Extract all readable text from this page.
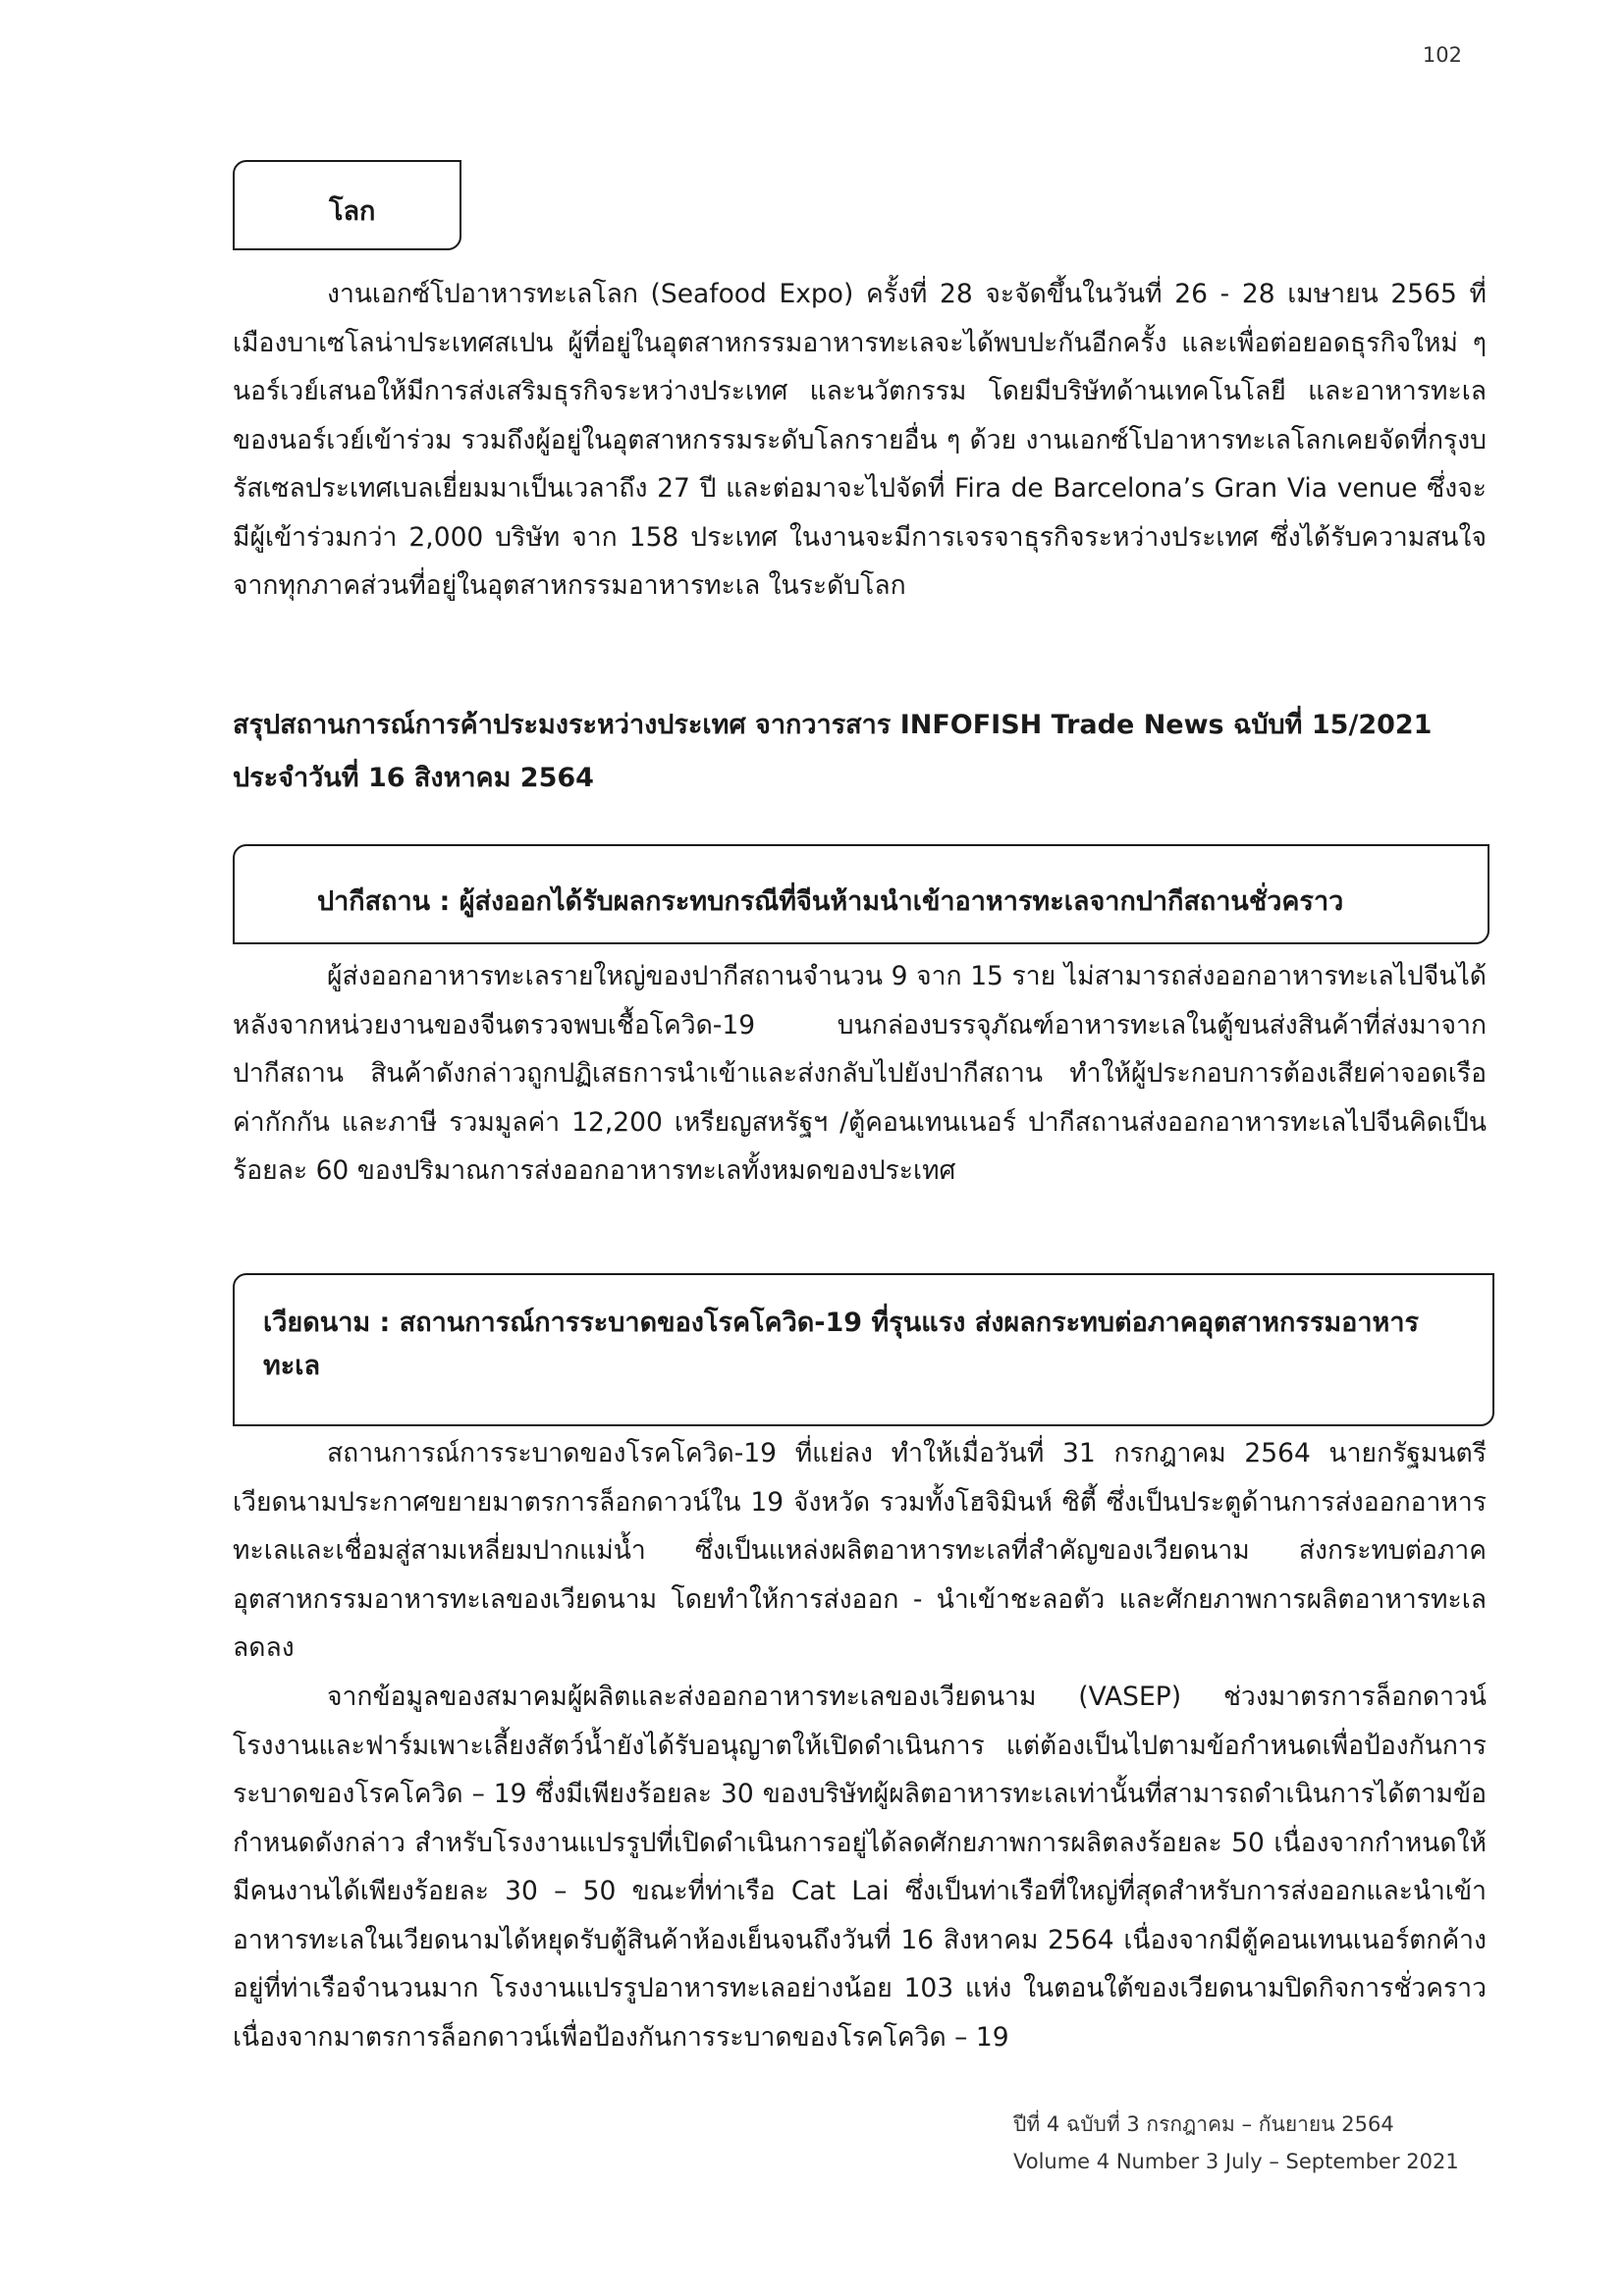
102
โลก

งานเอกซ์โปอาหารทะเลโลก (Seafood Expo) ครั้งที่ 28 จะจัดขึ้นในวันที่ 26 - 28 เมษายน 2565 ที่เมืองบาเซโลน่าประเทศสเปน ผู้ที่อยู่ในอุตสาหกรรมอาหารทะเลจะได้พบปะกันอีกครั้ง และเพื่อต่อยอดธุรกิจใหม่ ๆ นอร์เวย์เสนอให้มีการส่งเสริมธุรกิจระหว่างประเทศ และนวัตกรรม โดยมีบริษัทด้านเทคโนโลยี และอาหารทะเลของนอร์เวย์เข้าร่วม รวมถึงผู้อยู่ในอุตสาหกรรมระดับโลกรายอื่น ๆ ด้วย งานเอกซ์โปอาหารทะเลโลกเคยจัดที่กรุงบรัสเซลประเทศเบลเยี่ยมมาเป็นเวลาถึง 27 ปี และต่อมาจะไปจัดที่ Fira de Barcelona’s Gran Via venue ซึ่งจะมีผู้เข้าร่วมกว่า 2,000 บริษัท จาก 158 ประเทศ ในงานจะมีการเจรจาธุรกิจระหว่างประเทศ ซึ่งได้รับความสนใจจากทุกภาคส่วนที่อยู่ในอุตสาหกรรมอาหารทะเล ในระดับโลก

สรุปสถานการณ์การค้าประมงระหว่างประเทศ จากวารสาร INFOFISH Trade News ฉบับที่ 15/2021
ประจำวันที่ 16 สิงหาคม 2564
ปากีสถาน : ผู้ส่งออกได้รับผลกระทบกรณีที่จีนห้ามนำเข้าอาหารทะเลจากปากีสถานชั่วคราว

ผู้ส่งออกอาหารทะเลรายใหญ่ของปากีสถานจำนวน 9 จาก 15 ราย ไม่สามารถส่งออกอาหารทะเลไปจีนได้หลังจากหน่วยงานของจีนตรวจพบเชื้อโควิด-19 บนกล่องบรรจุภัณฑ์อาหารทะเลในตู้ขนส่งสินค้าที่ส่งมาจากปากีสถาน สินค้าดังกล่าวถูกปฏิเสธการนำเข้าและส่งกลับไปยังปากีสถาน ทำให้ผู้ประกอบการต้องเสียค่าจอดเรือ ค่ากักกัน และภาษี รวมมูลค่า 12,200 เหรียญสหรัฐฯ /ตู้คอนเทนเนอร์ ปากีสถานส่งออกอาหารทะเลไปจีนคิดเป็นร้อยละ 60 ของปริมาณการส่งออกอาหารทะเลทั้งหมดของประเทศ

เวียดนาม : สถานการณ์การระบาดของโรคโควิด-19 ที่รุนแรง ส่งผลกระทบต่อภาคอุตสาหกรรมอาหาร
ทะเล

สถานการณ์การระบาดของโรคโควิด-19 ที่แย่ลง ทำให้เมื่อวันที่ 31 กรกฎาคม 2564 นายกรัฐมนตรีเวียดนามประกาศขยายมาตรการล็อกดาวน์ใน 19 จังหวัด รวมทั้งโฮจิมินห์ ซิตี้ ซึ่งเป็นประตูด้านการส่งออกอาหารทะเลและเชื่อมสู่สามเหลี่ยมปากแม่น้ำ ซึ่งเป็นแหล่งผลิตอาหารทะเลที่สำคัญของเวียดนาม ส่งกระทบต่อภาคอุตสาหกรรมอาหารทะเลของเวียดนาม โดยทำให้การส่งออก - นำเข้าชะลอตัว และศักยภาพการผลิตอาหารทะเลลดลง

จากข้อมูลของสมาคมผู้ผลิตและส่งออกอาหารทะเลของเวียดนาม (VASEP) ช่วงมาตรการล็อกดาวน์โรงงานและฟาร์มเพาะเลี้ยงสัตว์น้ำยังได้รับอนุญาตให้เปิดดำเนินการ แต่ต้องเป็นไปตามข้อกำหนดเพื่อป้องกันการระบาดของโรคโควิด – 19 ซึ่งมีเพียงร้อยละ 30 ของบริษัทผู้ผลิตอาหารทะเลเท่านั้นที่สามารถดำเนินการได้ตามข้อกำหนดดังกล่าว สำหรับโรงงานแปรรูปที่เปิดดำเนินการอยู่ได้ลดศักยภาพการผลิตลงร้อยละ 50 เนื่องจากกำหนดให้มีคนงานได้เพียงร้อยละ 30 – 50 ขณะที่ท่าเรือ Cat Lai ซึ่งเป็นท่าเรือที่ใหญ่ที่สุดสำหรับการส่งออกและนำเข้าอาหารทะเลในเวียดนามได้หยุดรับตู้สินค้าห้องเย็นจนถึงวันที่ 16 สิงหาคม 2564 เนื่องจากมีตู้คอนเทนเนอร์ตกค้างอยู่ที่ท่าเรือจำนวนมาก โรงงานแปรรูปอาหารทะเลอย่างน้อย 103 แห่ง ในตอนใต้ของเวียดนามปิดกิจการชั่วคราว เนื่องจากมาตรการล็อกดาวน์เพื่อป้องกันการระบาดของโรคโควิด – 19

ปีที่ 4 ฉบับที่ 3 กรกฎาคม – กันยายน 2564
Volume 4 Number 3 July – September 2021
